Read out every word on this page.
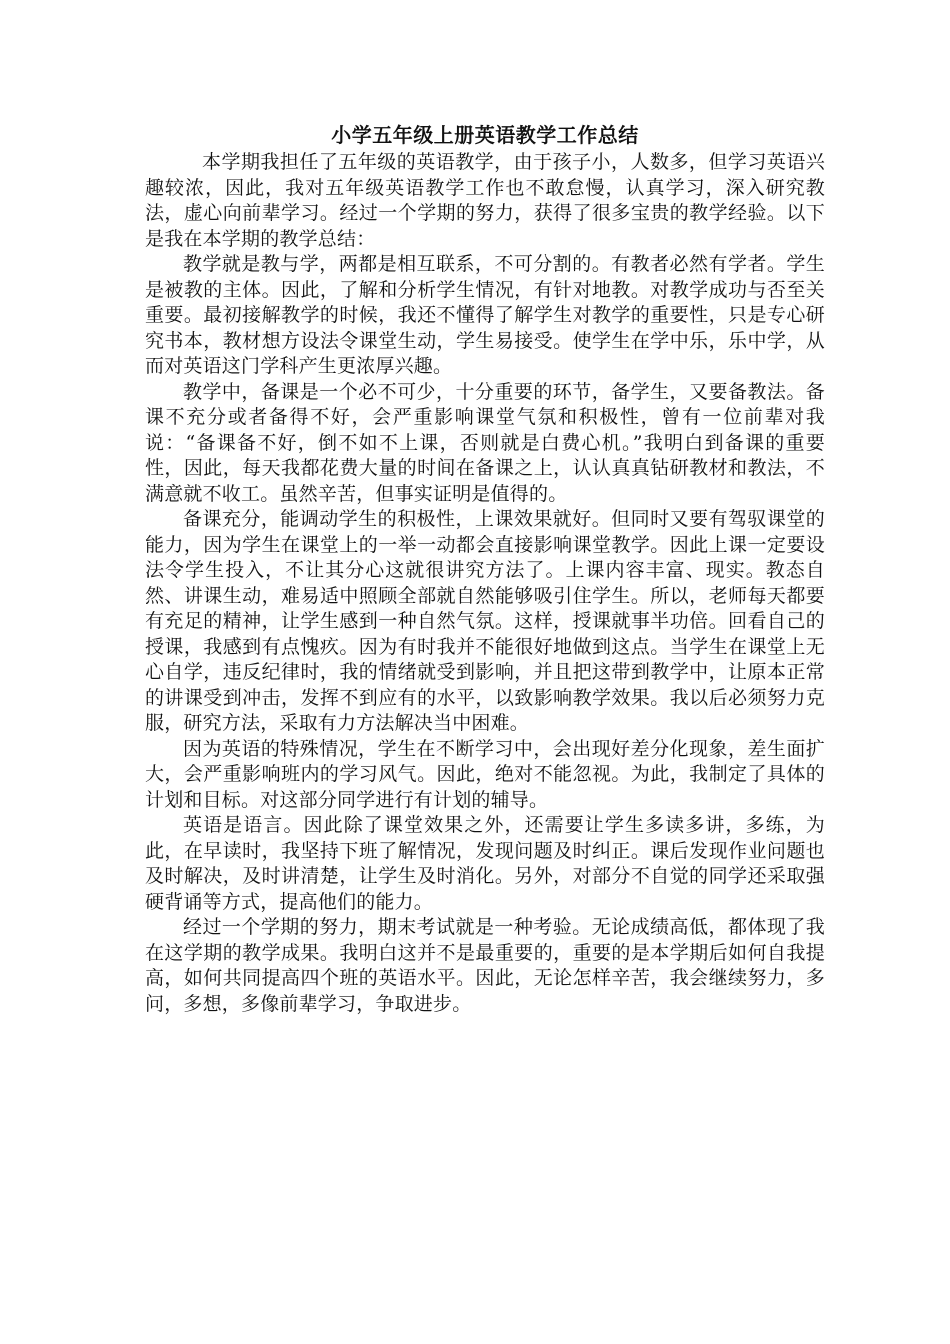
小学五年级上册英语教学工作总结

本学期我担任了五年级的英语教学，由于孩子小，人数多，但学习英语兴趣较浓，因此，我对五年级英语教学工作也不敢怠慢，认真学习，深入研究教法，虚心向前辈学习。经过一个学期的努力，获得了很多宝贵的教学经验。以下是我在本学期的教学总结：

教学就是教与学，两都是相互联系，不可分割的。有教者必然有学者。学生是被教的主体。因此，了解和分析学生情况，有针对地教。对教学成功与否至关重要。最初接解教学的时候，我还不懂得了解学生对教学的重要性，只是专心研究书本，教材想方设法令课堂生动，学生易接受。使学生在学中乐，乐中学，从而对英语这门学科产生更浓厚兴趣。

教学中，备课是一个必不可少，十分重要的环节，备学生，又要备教法。备课不充分或者备得不好，会严重影响课堂气氛和积极性，曾有一位前辈对我说：“备课备不好，倒不如不上课，否则就是白费心机。”我明白到备课的重要性，因此，每天我都花费大量的时间在备课之上，认认真真钻研教材和教法，不满意就不收工。虽然辛苦，但事实证明是值得的。

备课充分，能调动学生的积极性，上课效果就好。但同时又要有驾驭课堂的能力，因为学生在课堂上的一举一动都会直接影响课堂教学。因此上课一定要设法令学生投入，不让其分心这就很讲究方法了。上课内容丰富、现实。教态自然、讲课生动，难易适中照顾全部就自然能够吸引住学生。所以，老师每天都要有充足的精神，让学生感到一种自然气氛。这样，授课就事半功倍。回看自己的授课，我感到有点愧疚。因为有时我并不能很好地做到这点。当学生在课堂上无心自学，违反纪律时，我的情绪就受到影响，并且把这带到教学中，让原本正常的讲课受到冲击，发挥不到应有的水平，以致影响教学效果。我以后必须努力克服，研究方法，采取有力方法解决当中困难。

因为英语的特殊情况，学生在不断学习中，会出现好差分化现象，差生面扩大，会严重影响班内的学习风气。因此，绝对不能忽视。为此，我制定了具体的计划和目标。对这部分同学进行有计划的辅导。

英语是语言。因此除了课堂效果之外，还需要让学生多读多讲，多练，为此，在早读时，我坚持下班了解情况，发现问题及时纠正。课后发现作业问题也及时解决，及时讲清楚，让学生及时消化。另外，对部分不自觉的同学还采取强硬背诵等方式，提高他们的能力。

经过一个学期的努力，期末考试就是一种考验。无论成绩高低，都体现了我在这学期的教学成果。我明白这并不是最重要的，重要的是本学期后如何自我提高，如何共同提高四个班的英语水平。因此，无论怎样辛苦，我会继续努力，多问，多想，多像前辈学习，争取进步。
